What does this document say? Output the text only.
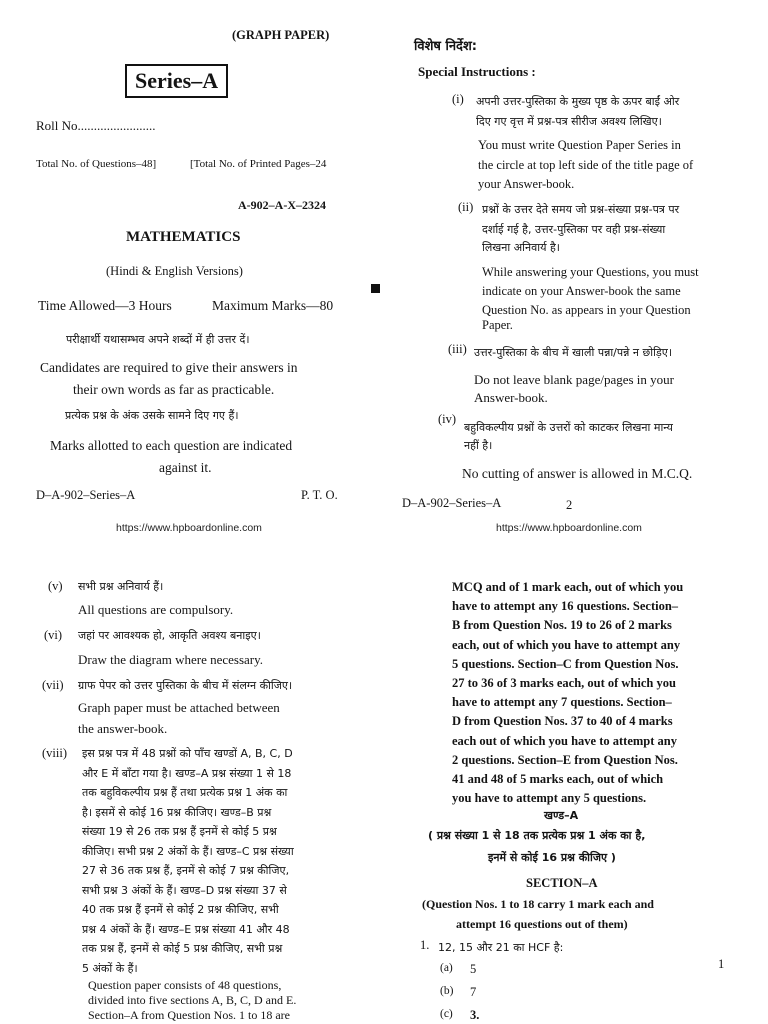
(GRAPH PAPER)
Series–A
Roll No........................
Total No. of Questions–48]	[Total No. of Printed Pages–24
A-902–A-X–2324
MATHEMATICS
(Hindi & English Versions)
Time Allowed—3 Hours	Maximum Marks—80
परीक्षार्थी यथासम्भव अपने शब्दों में ही उत्तर दें।
Candidates are required to give their answers in
their own words as far as practicable.
प्रत्येक प्रश्न के अंक उसके सामने दिए गए हैं।
Marks allotted to each question are indicated
against it.
D–A-902–Series–A	P. T. O.
https://www.hpboardonline.com
विशेष निर्देश:
Special Instructions :
(i) अपनी उत्तर-पुस्तिका के मुख्य पृष्ठ के ऊपर बाईं ओर
दिए गए वृत्त में प्रश्न-पत्र सीरीज अवश्य लिखिए।
You must write Question Paper Series in
the circle at top left side of the title page of
your Answer-book.
(ii) प्रश्नों के उत्तर देते समय जो प्रश्न-संख्या प्रश्न-पत्र पर
दर्शाई गई है, उत्तर-पुस्तिका पर वही प्रश्न-संख्या
लिखना अनिवार्य है।
While answering your Questions, you must
indicate on your Answer-book the same
Question No. as appears in your Question
Paper.
(iii) उत्तर-पुस्तिका के बीच में खाली पन्ना/पन्ने न छोड़िए।
Do not leave blank page/pages in your
Answer-book.
(iv)
बहुविकल्पीय प्रश्नों के उत्तरों को काटकर लिखना मान्य
नहीं है।
No cutting of answer is allowed in M.C.Q.
D–A-902–Series–A	2
https://www.hpboardonline.com
(v) सभी प्रश्न अनिवार्य हैं।
All questions are compulsory.
(vi) जहां पर आवश्यक हो, आकृति अवश्य बनाइए।
Draw the diagram where necessary.
(vii) ग्राफ पेपर को उत्तर पुस्तिका के बीच में संलग्न कीजिए।
Graph paper must be attached between
the answer-book.
(viii) इस प्रश्न पत्र में 48 प्रश्नों को पाँच खण्डों A, B, C, D
और E में बाँटा गया है। खण्ड–A प्रश्न संख्या 1 से 18
तक बहुविकल्पीय प्रश्न हैं तथा प्रत्येक प्रश्न 1 अंक का
है। इसमें से कोई 16 प्रश्न कीजिए। खण्ड–B प्रश्न
संख्या 19 से 26 तक प्रश्न हैं इनमें से कोई 5 प्रश्न
कीजिए। सभी प्रश्न 2 अंकों के हैं। खण्ड–C प्रश्न संख्या
27 से 36 तक प्रश्न हैं, इनमें से कोई 7 प्रश्न कीजिए,
सभी प्रश्न 3 अंकों के हैं। खण्ड–D प्रश्न संख्या 37 से
40 तक प्रश्न हैं इनमें से कोई 2 प्रश्न कीजिए, सभी
प्रश्न 4 अंकों के हैं। खण्ड–E प्रश्न संख्या 41 और 48
तक प्रश्न हैं, इनमें से कोई 5 प्रश्न कीजिए, सभी प्रश्न
5 अंकों के हैं।
Question paper consists of 48 questions,
divided into five sections A, B, C, D and E.
Section–A from Question Nos. 1 to 18 are
MCQ and of 1 mark each, out of which you
have to attempt any 16 questions. Section–
B from Question Nos. 19 to 26 of 2 marks
each, out of which you have to attempt any
5 questions. Section–C from Question Nos.
27 to 36 of 3 marks each, out of which you
have to attempt any 7 questions. Section–
D from Question Nos. 37 to 40 of 4 marks
each out of which you have to attempt any
2 questions. Section–E from Question Nos.
41 and 48 of 5 marks each, out of which
you have to attempt any 5 questions.
खण्ड–A
( प्रश्न संख्या 1 से 18 तक प्रत्येक प्रश्न 1 अंक का है,
इनमें से कोई 16 प्रश्न कीजिए )
SECTION–A
(Question Nos. 1 to 18 carry 1 mark each and
attempt 16 questions out of them)
1. 12, 15 और 21 का HCF है:
1
(a) 5
(b) 7
(c) 3.
